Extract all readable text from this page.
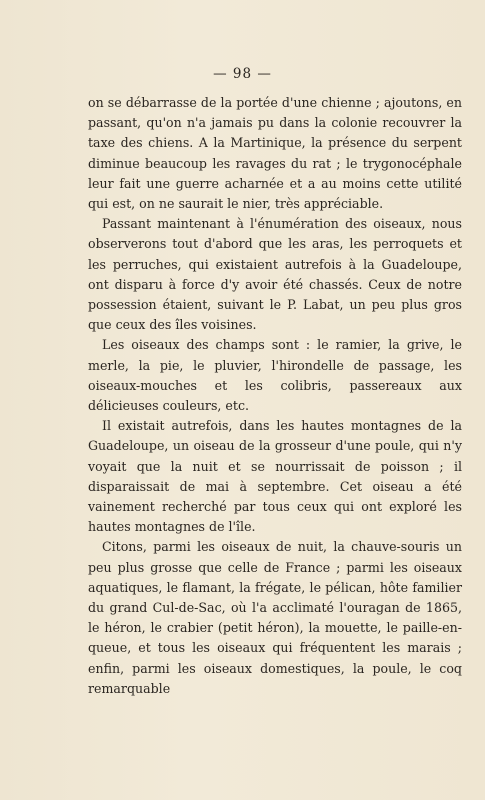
— 98 —

on se débarrasse de la portée d'une chienne ; ajoutons, en passant, qu'on n'a jamais pu dans la colonie recouvrer la taxe des chiens. A la Martinique, la présence du serpent diminue beaucoup les ravages du rat ; le trygonocéphale leur fait une guerre acharnée et a au moins cette utilité qui est, on ne saurait le nier, très appréciable.

Passant maintenant à l'énumération des oiseaux, nous observerons tout d'abord que les aras, les perroquets et les perruches, qui existaient autrefois à la Guadeloupe, ont disparu à force d'y avoir été chassés. Ceux de notre possession étaient, suivant le P. Labat, un peu plus gros que ceux des îles voisines.

Les oiseaux des champs sont : le ramier, la grive, le merle, la pie, le pluvier, l'hirondelle de passage, les oiseaux-mouches et les colibris, passereaux aux délicieuses couleurs, etc.

Il existait autrefois, dans les hautes montagnes de la Guadeloupe, un oiseau de la grosseur d'une poule, qui n'y voyait que la nuit et se nourrissait de poisson ; il disparaissait de mai à septembre. Cet oiseau a été vainement recherché par tous ceux qui ont exploré les hautes montagnes de l'île.

Citons, parmi les oiseaux de nuit, la chauve-souris un peu plus grosse que celle de France ; parmi les oiseaux aquatiques, le flamant, la frégate, le pélican, hôte familier du grand Cul-de-Sac, où l'a acclimaté l'ouragan de 1865, le héron, le crabier (petit héron), la mouette, le paille-en-queue, et tous les oiseaux qui fréquentent les marais ; enfin, parmi les oiseaux domestiques, la poule, le coq remarquable
